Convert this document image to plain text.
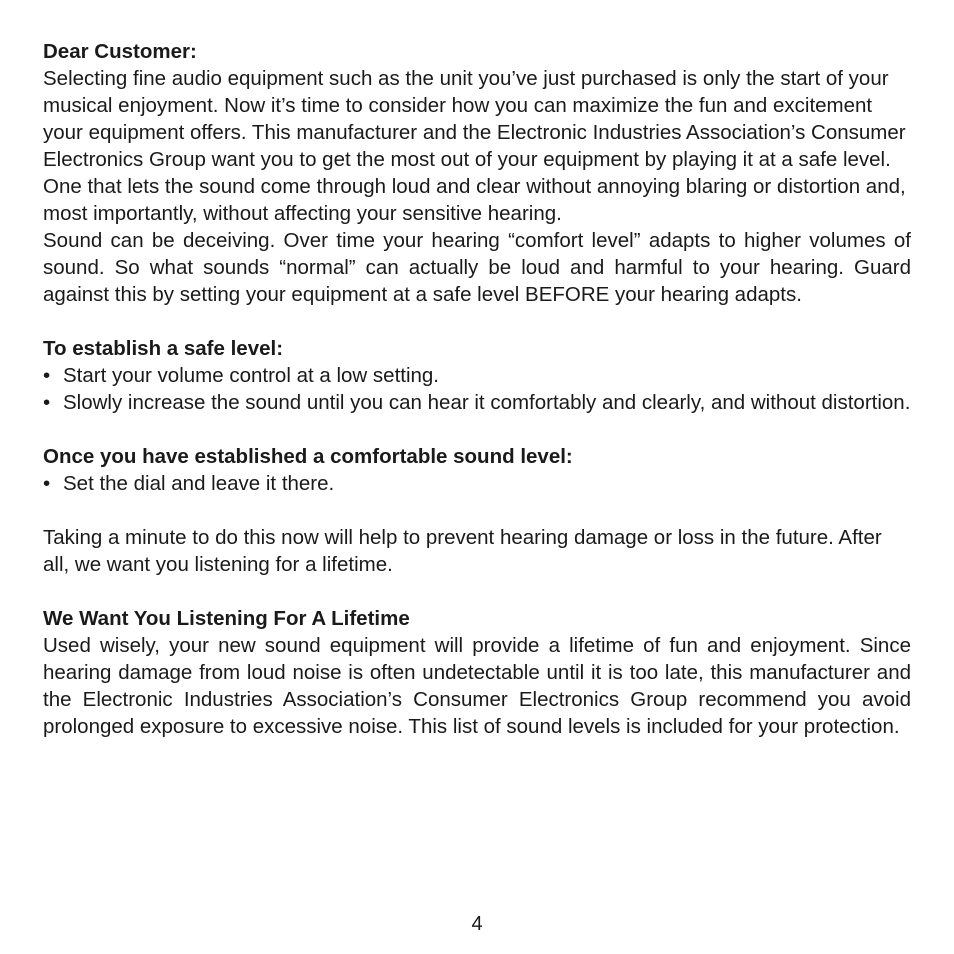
Dear Customer:

Selecting fine audio equipment such as the unit you’ve just purchased is only the start of your musical enjoyment. Now it’s time to consider how you can maximize the fun and excitement your equipment offers. This manufacturer and the Electronic Industries Association’s Consumer Electronics Group want you to get the most out of your equipment by playing it at a safe level. One that lets the sound come through loud and clear without annoying blaring or distortion and, most importantly, without affecting your sensitive hearing.

Sound can be deceiving. Over time your hearing “comfort level” adapts to higher volumes of sound. So what sounds “normal” can actually be loud and harmful to your hearing. Guard against this by setting your equipment at a safe level BEFORE your hearing adapts.

To establish a safe level:

• Start your volume control at a low setting.
• Slowly increase the sound until you can hear it comfortably and clearly, and without distortion.

Once you have established a comfortable sound level:

• Set the dial and leave it there.

Taking a minute to do this now will help to prevent hearing damage or loss in the future. After all, we want you listening for a lifetime.

We Want You Listening For A Lifetime

Used wisely, your new sound equipment will provide a lifetime of fun and enjoyment. Since hearing damage from loud noise is often undetectable until it is too late, this manufacturer and the Electronic Industries Association’s Consumer Electronics Group recommend you avoid prolonged exposure to excessive noise. This list of sound levels is included for your protection.

4
